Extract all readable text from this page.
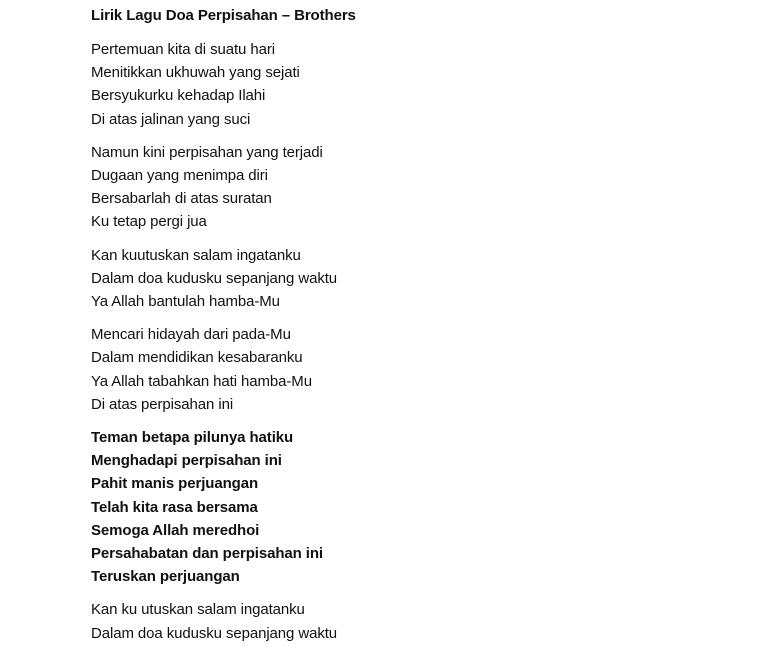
Lirik Lagu Doa Perpisahan – Brothers
Pertemuan kita di suatu hari
Menitikkan ukhuwah yang sejati
Bersyukurku kehadap Ilahi
Di atas jalinan yang suci
Namun kini perpisahan yang terjadi
Dugaan yang menimpa diri
Bersabarlah di atas suratan
Ku tetap pergi jua
Kan kuutuskan salam ingatanku
Dalam doa kudusku sepanjang waktu
Ya Allah bantulah hamba-Mu
Mencari hidayah dari pada-Mu
Dalam mendidikan kesabaranku
Ya Allah tabahkan hati hamba-Mu
Di atas perpisahan ini
Teman betapa pilunya hatiku
Menghadapi perpisahan ini
Pahit manis perjuangan
Telah kita rasa bersama
Semoga Allah meredhoi
Persahabatan dan perpisahan ini
Teruskan perjuangan
Kan ku utuskan salam ingatanku
Dalam doa kudusku sepanjang waktu
